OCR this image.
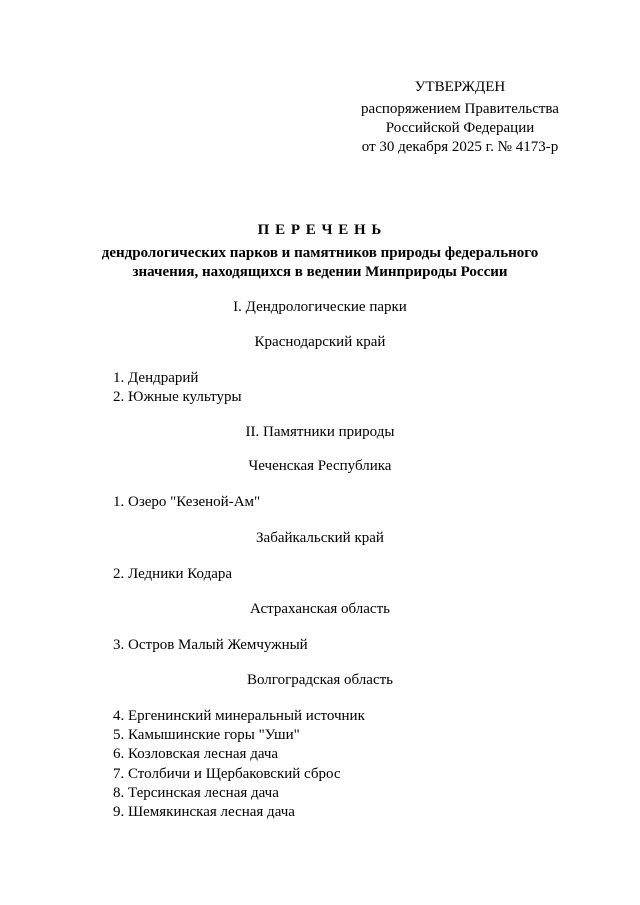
УТВЕРЖДЕН
распоряжением Правительства
Российской Федерации
от 30 декабря 2025 г. № 4173-р
П Е Р Е Ч Е Н Ь
дендрологических парков и памятников природы федерального
значения, находящихся в ведении Минприроды России
I. Дендрологические парки
Краснодарский край
1. Дендрарий
2. Южные культуры
II. Памятники природы
Чеченская Республика
1. Озеро "Кезеной-Ам"
Забайкальский край
2. Ледники Кодара
Астраханская область
3. Остров Малый Жемчужный
Волгоградская область
4. Ергенинский минеральный источник
5. Камышинские горы "Уши"
6. Козловская лесная дача
7. Столбичи и Щербаковский сброс
8. Терсинская лесная дача
9. Шемякинская лесная дача
